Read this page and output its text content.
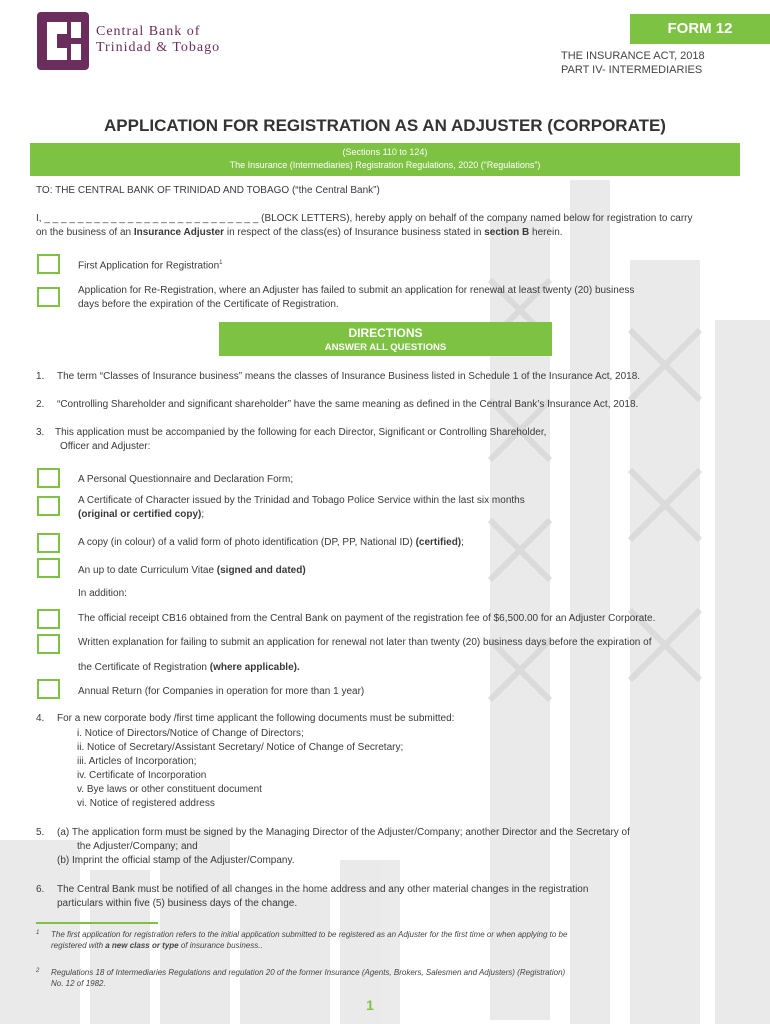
Central Bank of
Trinidad & Tobago
FORM 12
THE INSURANCE ACT, 2018
PART IV- INTERMEDIARIES
APPLICATION FOR REGISTRATION AS AN ADJUSTER (CORPORATE)
(Sections 110 to 124)
The Insurance (Intermediaries) Registration Regulations, 2020 (“Regulations”)
TO: THE CENTRAL BANK OF TRINIDAD AND TOBAGO (“the Central Bank”)
I, _ _ _ _ _ _ _ _ _ _ _ _ _ _ _ _ _ _ _ _ _ _ _ _ _ _ (BLOCK LETTERS), hereby apply on behalf of the company named below for registration to carry
on the business of an Insurance Adjuster in respect of the class(es) of Insurance business stated in section B herein.
First Application for Registration$^1$
Application for Re-Registration, where an Adjuster has failed to submit an application for renewal at least twenty (20) business
days before the expiration of the Certificate of Registration.
DIRECTIONS
ANSWER ALL QUESTIONS
1. The term “Classes of Insurance business” means the classes of Insurance Business listed in Schedule 1 of the Insurance Act, 2018.
2. “Controlling Shareholder and significant shareholder” have the same meaning as defined in the Central Bank’s Insurance Act, 2018.
3. This application must be accompanied by the following for each Director, Significant or Controlling Shareholder,
Officer and Adjuster:
A Personal Questionnaire and Declaration Form;
A Certificate of Character issued by the Trinidad and Tobago Police Service within the last six months
(original or certified copy);
A copy (in colour) of a valid form of photo identification (DP, PP, National ID) (certified);
An up to date Curriculum Vitae (signed and dated)
In addition:
The official receipt CB16 obtained from the Central Bank on payment of the registration fee of $6,500.00 for an Adjuster Corporate.
Written explanation for failing to submit an application for renewal not later than twenty (20) business days before the expiration of
the Certificate of Registration (where applicable).
Annual Return (for Companies in operation for more than 1 year)
4. For a new corporate body /first time applicant the following documents must be submitted:
i. Notice of Directors/Notice of Change of Directors;
ii. Notice of Secretary/Assistant Secretary/ Notice of Change of Secretary;
iii. Articles of Incorporation;
iv. Certificate of Incorporation
v. Bye laws or other constituent document
vi. Notice of registered address
5. (a) The application form must be signed by the Managing Director of the Adjuster/Company; another Director and the Secretary of
the Adjuster/Company; and
(b) Imprint the official stamp of the Adjuster/Company.
6. The Central Bank must be notified of all changes in the home address and any other material changes in the registration
particulars within five (5) business days of the change.
1 The first application for registration refers to the initial application submitted to be registered as an Adjuster for the first time or when applying to be
registered with a new class or type of insurance business..
2 Regulations 18 of Intermediaries Regulations and regulation 20 of the former Insurance (Agents, Brokers, Salesmen and Adjusters) (Registration)
No. 12 of 1982.
1
